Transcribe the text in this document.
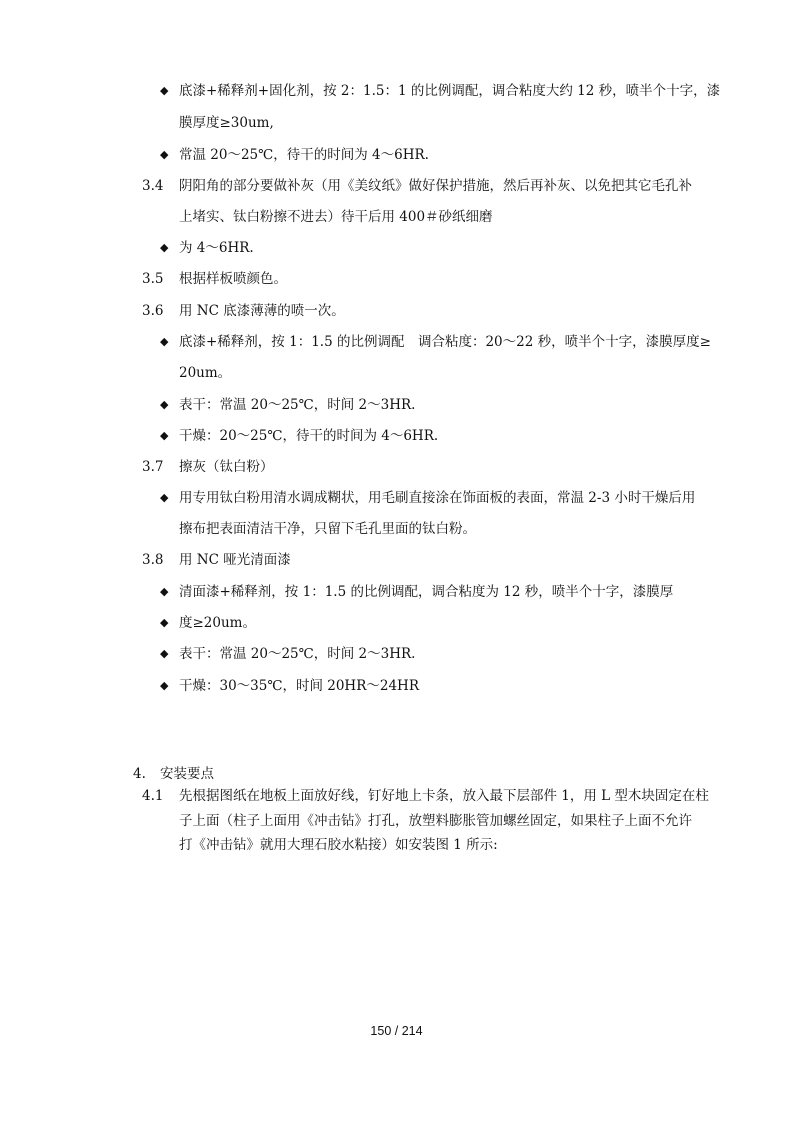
◆ 底漆+稀释剂+固化剂，按 2：1.5：1 的比例调配，调合粘度大约 12 秒，喷半个十字，漆
膜厚度≥30um,
◆ 常温 20～25℃，待干的时间为 4～6HR.
3.4 阴阳角的部分要做补灰（用《美纹纸》做好保护措施，然后再补灰、以免把其它毛孔补
上堵实、钛白粉擦不进去）待干后用 400＃砂纸细磨
◆ 为 4～6HR.
3.5 根据样板喷颜色。
3.6 用 NC 底漆薄薄的喷一次。
◆ 底漆+稀释剂，按 1：1.5 的比例调配　调合粘度：20～22 秒，喷半个十字，漆膜厚度≥
20um。
◆ 表干：常温 20～25℃，时间 2～3HR.
◆ 干燥：20～25℃，待干的时间为 4～6HR.
3.7 擦灰（钛白粉）
◆ 用专用钛白粉用清水调成糊状，用毛刷直接涂在饰面板的表面，常温 2-3 小时干燥后用
擦布把表面清洁干净，只留下毛孔里面的钛白粉。
3.8 用 NC 哑光清面漆
◆ 清面漆+稀释剂，按 1：1.5 的比例调配，调合粘度为 12 秒，喷半个十字，漆膜厚
◆ 度≥20um。
◆ 表干：常温 20～25℃，时间 2～3HR.
◆ 干燥：30～35℃，时间 20HR～24HR
4. 安装要点
4.1 先根据图纸在地板上面放好线，钉好地上卡条，放入最下层部件 1，用 L 型木块固定在柱
子上面（柱子上面用《冲击钻》打孔，放塑料膨胀管加螺丝固定，如果柱子上面不允许
打《冲击钻》就用大理石胶水粘接）如安装图 1 所示:
150 / 214
